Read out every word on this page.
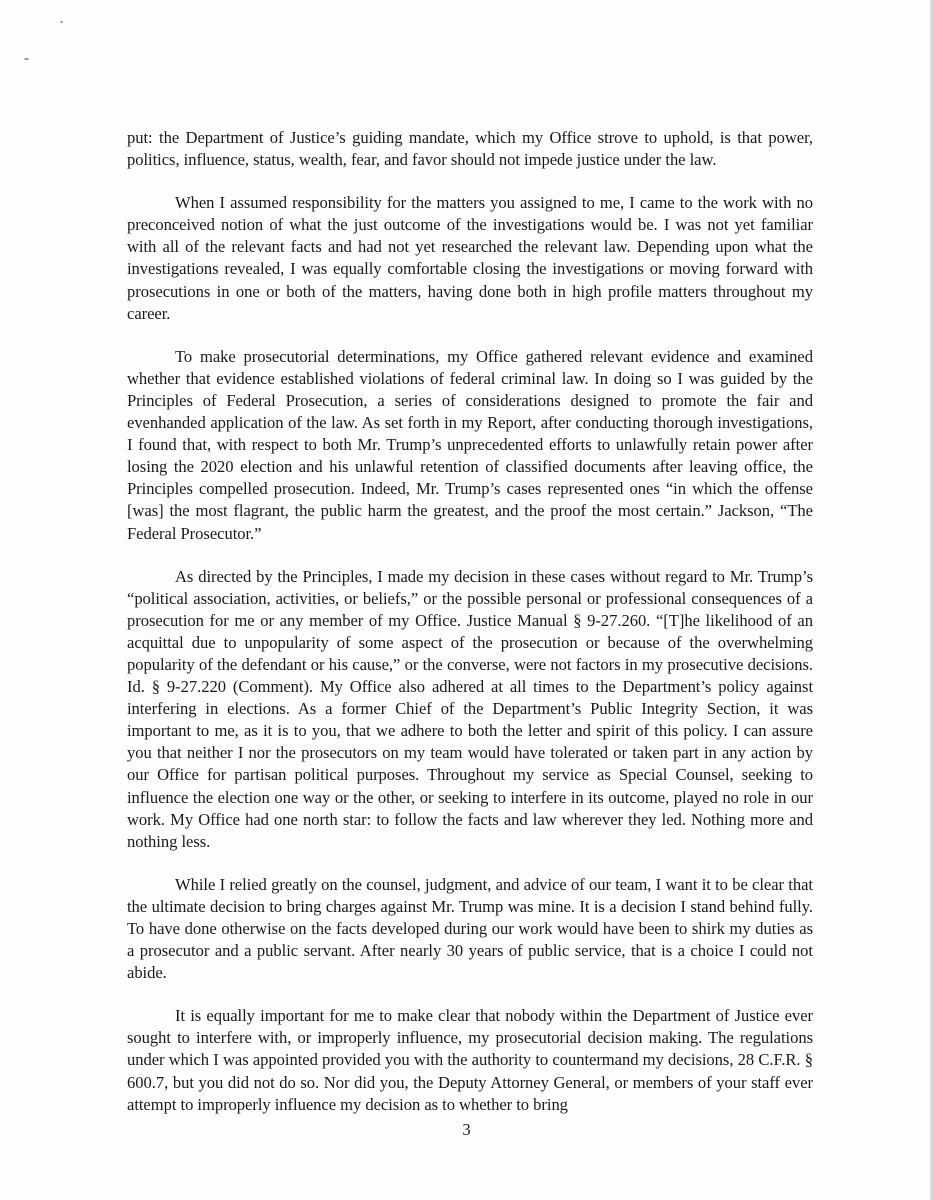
put: the Department of Justice’s guiding mandate, which my Office strove to uphold, is that power, politics, influence, status, wealth, fear, and favor should not impede justice under the law.

When I assumed responsibility for the matters you assigned to me, I came to the work with no preconceived notion of what the just outcome of the investigations would be. I was not yet familiar with all of the relevant facts and had not yet researched the relevant law. Depending upon what the investigations revealed, I was equally comfortable closing the investigations or moving forward with prosecutions in one or both of the matters, having done both in high profile matters throughout my career.

To make prosecutorial determinations, my Office gathered relevant evidence and examined whether that evidence established violations of federal criminal law. In doing so I was guided by the Principles of Federal Prosecution, a series of considerations designed to promote the fair and evenhanded application of the law. As set forth in my Report, after conducting thorough investigations, I found that, with respect to both Mr. Trump’s unprecedented efforts to unlawfully retain power after losing the 2020 election and his unlawful retention of classified documents after leaving office, the Principles compelled prosecution. Indeed, Mr. Trump’s cases represented ones “in which the offense [was] the most flagrant, the public harm the greatest, and the proof the most certain.” Jackson, “The Federal Prosecutor.”

As directed by the Principles, I made my decision in these cases without regard to Mr. Trump’s “political association, activities, or beliefs,” or the possible personal or professional consequences of a prosecution for me or any member of my Office. Justice Manual § 9-27.260. “[T]he likelihood of an acquittal due to unpopularity of some aspect of the prosecution or because of the overwhelming popularity of the defendant or his cause,” or the converse, were not factors in my prosecutive decisions. Id. § 9-27.220 (Comment). My Office also adhered at all times to the Department’s policy against interfering in elections. As a former Chief of the Department’s Public Integrity Section, it was important to me, as it is to you, that we adhere to both the letter and spirit of this policy. I can assure you that neither I nor the prosecutors on my team would have tolerated or taken part in any action by our Office for partisan political purposes. Throughout my service as Special Counsel, seeking to influence the election one way or the other, or seeking to interfere in its outcome, played no role in our work. My Office had one north star: to follow the facts and law wherever they led. Nothing more and nothing less.

While I relied greatly on the counsel, judgment, and advice of our team, I want it to be clear that the ultimate decision to bring charges against Mr. Trump was mine. It is a decision I stand behind fully. To have done otherwise on the facts developed during our work would have been to shirk my duties as a prosecutor and a public servant. After nearly 30 years of public service, that is a choice I could not abide.

It is equally important for me to make clear that nobody within the Department of Justice ever sought to interfere with, or improperly influence, my prosecutorial decision making. The regulations under which I was appointed provided you with the authority to countermand my decisions, 28 C.F.R. § 600.7, but you did not do so. Nor did you, the Deputy Attorney General, or members of your staff ever attempt to improperly influence my decision as to whether to bring

3
